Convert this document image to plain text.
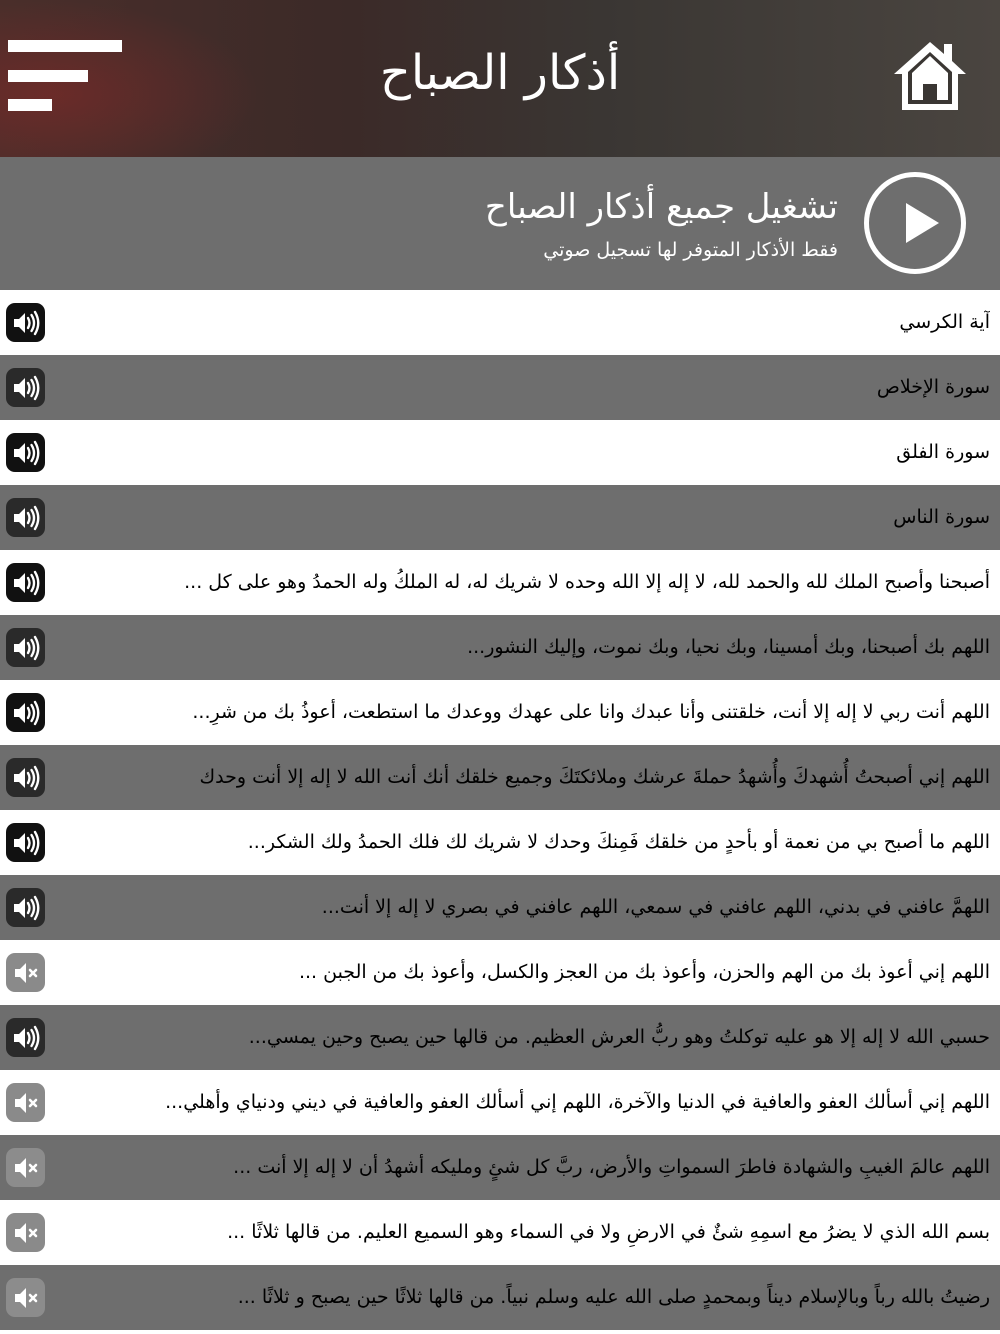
أذكار الصباح
تشغيل جميع أذكار الصباح
فقط الأذكار المتوفر لها تسجيل صوتي
آية الكرسي
سورة الإخلاص
سورة الفلق
سورة الناس
أصبحنا وأصبح الملك لله والحمد لله، لا إله إلا الله وحده لا شريك له، له الملكُ وله الحمدُ وهو على كل ...
اللهم بك أصبحنا، وبك أمسينا، وبك نحيا، وبك نموت، وإليك النشور...
اللهم أنت ربي لا إله إلا أنت، خلقتنى وأنا عبدك وانا على عهدك ووعدك ما استطعت، أعوذُ بك من شرِ...
اللهم إني أصبحتُ أُشهدكَ وأُشهدُ حملةَ عرشك وملائكتَكَ وجميع خلقك أنك أنت الله لا إله إلا أنت وحدك
اللهم ما أصبح بي من نعمة أو بأحدٍ من خلقك فَمِنكَ وحدك لا شريك لك فلك الحمدُ ولك الشكر...
اللهمَّ عافني في بدني، اللهم عافني في سمعي، اللهم عافني في بصري لا إله إلا أنت...
اللهم إني أعوذ بك من الهم والحزن، وأعوذ بك من العجز والكسل، وأعوذ بك من الجبن ...
حسبي الله لا إله إلا هو عليه توكلتُ وهو ربُّ العرش العظيم. من قالها حين يصبح وحين يمسي...
اللهم إني أسألك العفو والعافية في الدنيا والآخرة، اللهم إني أسألك العفو والعافية في ديني ودنياي وأهلي...
اللهم عالمَ الغيبِ والشهادة فاطرَ السمواتِ والأرض، ربَّ كل شئٍ ومليكه أشهدُ أن لا إله إلا أنت ...
بسم الله الذي لا يضرُ مع اسمِهِ شئٌ في الارضِ ولا في السماء وهو السميع العليم. من قالها ثلاثًا ...
رضيتُ بالله رباً وبالإسلام ديناً وبمحمدٍ صلى الله عليه وسلم نبياً. من قالها ثلاثًا حين يصبح و ثلاثًا ...
